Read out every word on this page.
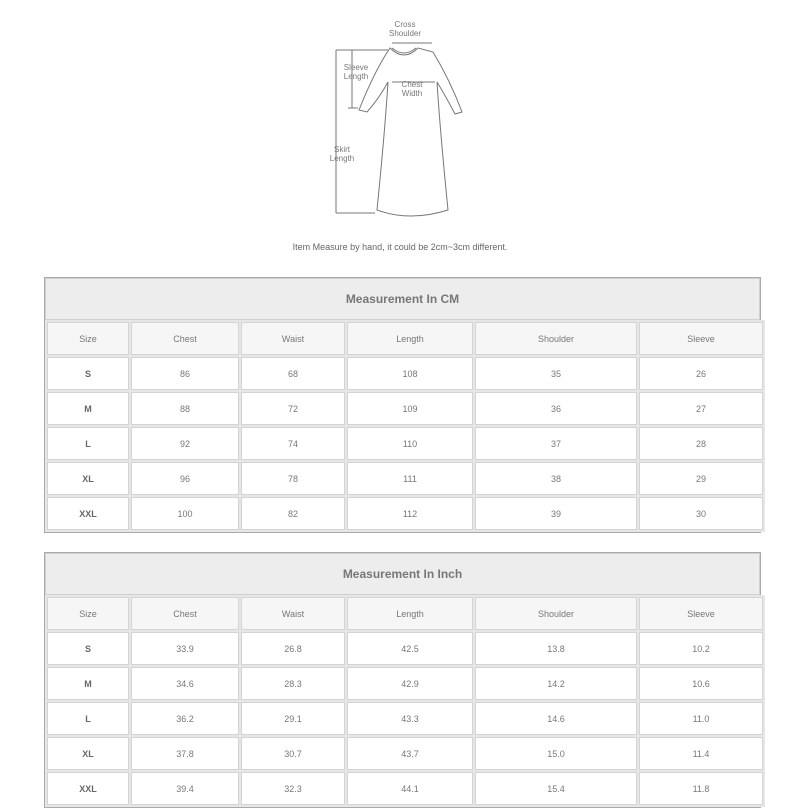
Cross
Shoulder
Sleeve
Length
Chest
Width
Skirt
Length
Item Measure by hand, it could be 2cm~3cm different.
Measurement In CM
Size	Chest	Waist	Length	Shoulder	Sleeve
S	86	68	108	35	26
M	88	72	109	36	27
L	92	74	110	37	28
XL	96	78	111	38	29
XXL	100	82	112	39	30
Measurement In Inch
Size	Chest	Waist	Length	Shoulder	Sleeve
S	33.9	26.8	42.5	13.8	10.2
M	34.6	28.3	42.9	14.2	10.6
L	36.2	29.1	43.3	14.6	11.0
XL	37.8	30.7	43.7	15.0	11.4
XXL	39.4	32.3	44.1	15.4	11.8
